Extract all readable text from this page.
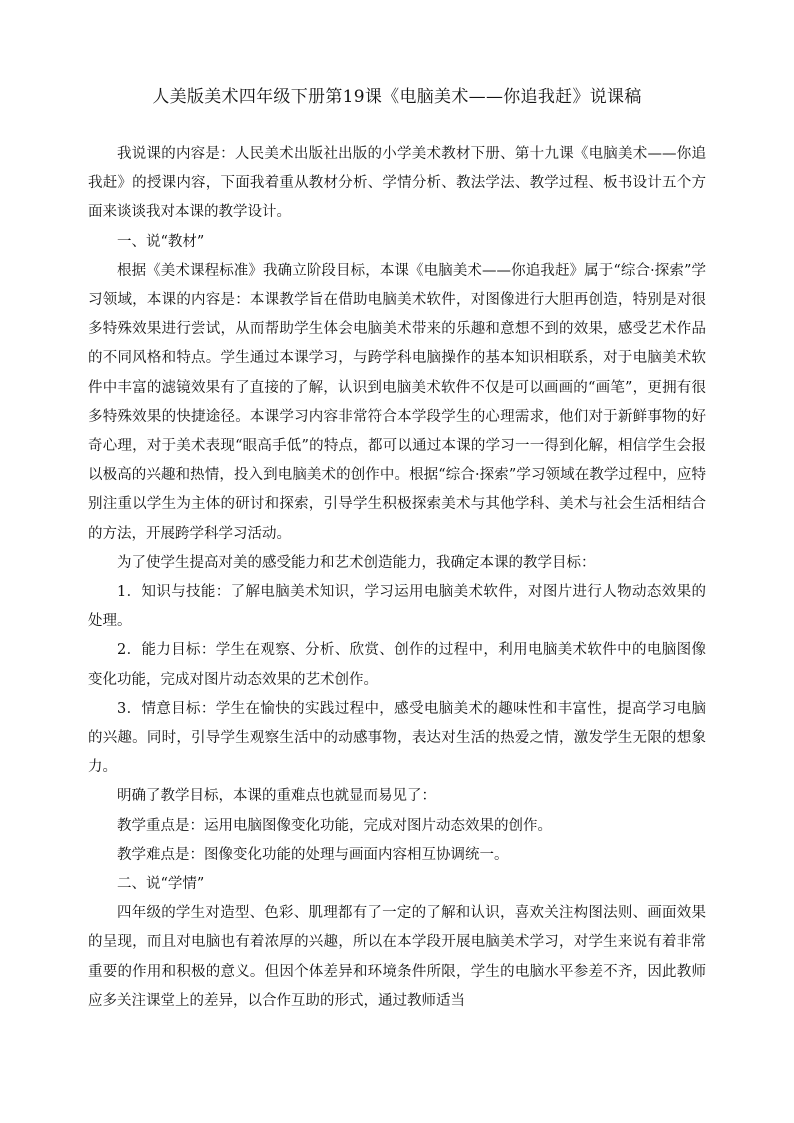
人美版美术四年级下册第19课《电脑美术——你追我赶》说课稿

我说课的内容是：人民美术出版社出版的小学美术教材下册、第十九课《电脑美术——你追我赶》的授课内容，下面我着重从教材分析、学情分析、教法学法、教学过程、板书设计五个方面来谈谈我对本课的教学设计。

一、说“教材”

根据《美术课程标准》我确立阶段目标，本课《电脑美术——你追我赶》属于“综合·探索”学习领域，本课的内容是：本课教学旨在借助电脑美术软件，对图像进行大胆再创造，特别是对很多特殊效果进行尝试，从而帮助学生体会电脑美术带来的乐趣和意想不到的效果，感受艺术作品的不同风格和特点。学生通过本课学习，与跨学科电脑操作的基本知识相联系，对于电脑美术软件中丰富的滤镜效果有了直接的了解，认识到电脑美术软件不仅是可以画画的“画笔”，更拥有很多特殊效果的快捷途径。本课学习内容非常符合本学段学生的心理需求，他们对于新鲜事物的好奇心理，对于美术表现“眼高手低”的特点，都可以通过本课的学习一一得到化解，相信学生会报以极高的兴趣和热情，投入到电脑美术的创作中。根据“综合·探索”学习领域在教学过程中，应特别注重以学生为主体的研讨和探索，引导学生积极探索美术与其他学科、美术与社会生活相结合的方法，开展跨学科学习活动。

为了使学生提高对美的感受能力和艺术创造能力，我确定本课的教学目标：

1．知识与技能：了解电脑美术知识，学习运用电脑美术软件，对图片进行人物动态效果的处理。

2．能力目标：学生在观察、分析、欣赏、创作的过程中，利用电脑美术软件中的电脑图像变化功能，完成对图片动态效果的艺术创作。

3．情意目标：学生在愉快的实践过程中，感受电脑美术的趣味性和丰富性，提高学习电脑的兴趣。同时，引导学生观察生活中的动感事物，表达对生活的热爱之情，激发学生无限的想象力。

明确了教学目标，本课的重难点也就显而易见了：

教学重点是：运用电脑图像变化功能，完成对图片动态效果的创作。

教学难点是：图像变化功能的处理与画面内容相互协调统一。

二、说“学情”

四年级的学生对造型、色彩、肌理都有了一定的了解和认识，喜欢关注构图法则、画面效果的呈现，而且对电脑也有着浓厚的兴趣，所以在本学段开展电脑美术学习，对学生来说有着非常重要的作用和积极的意义。但因个体差异和环境条件所限，学生的电脑水平参差不齐，因此教师应多关注课堂上的差异，以合作互助的形式，通过教师适当
